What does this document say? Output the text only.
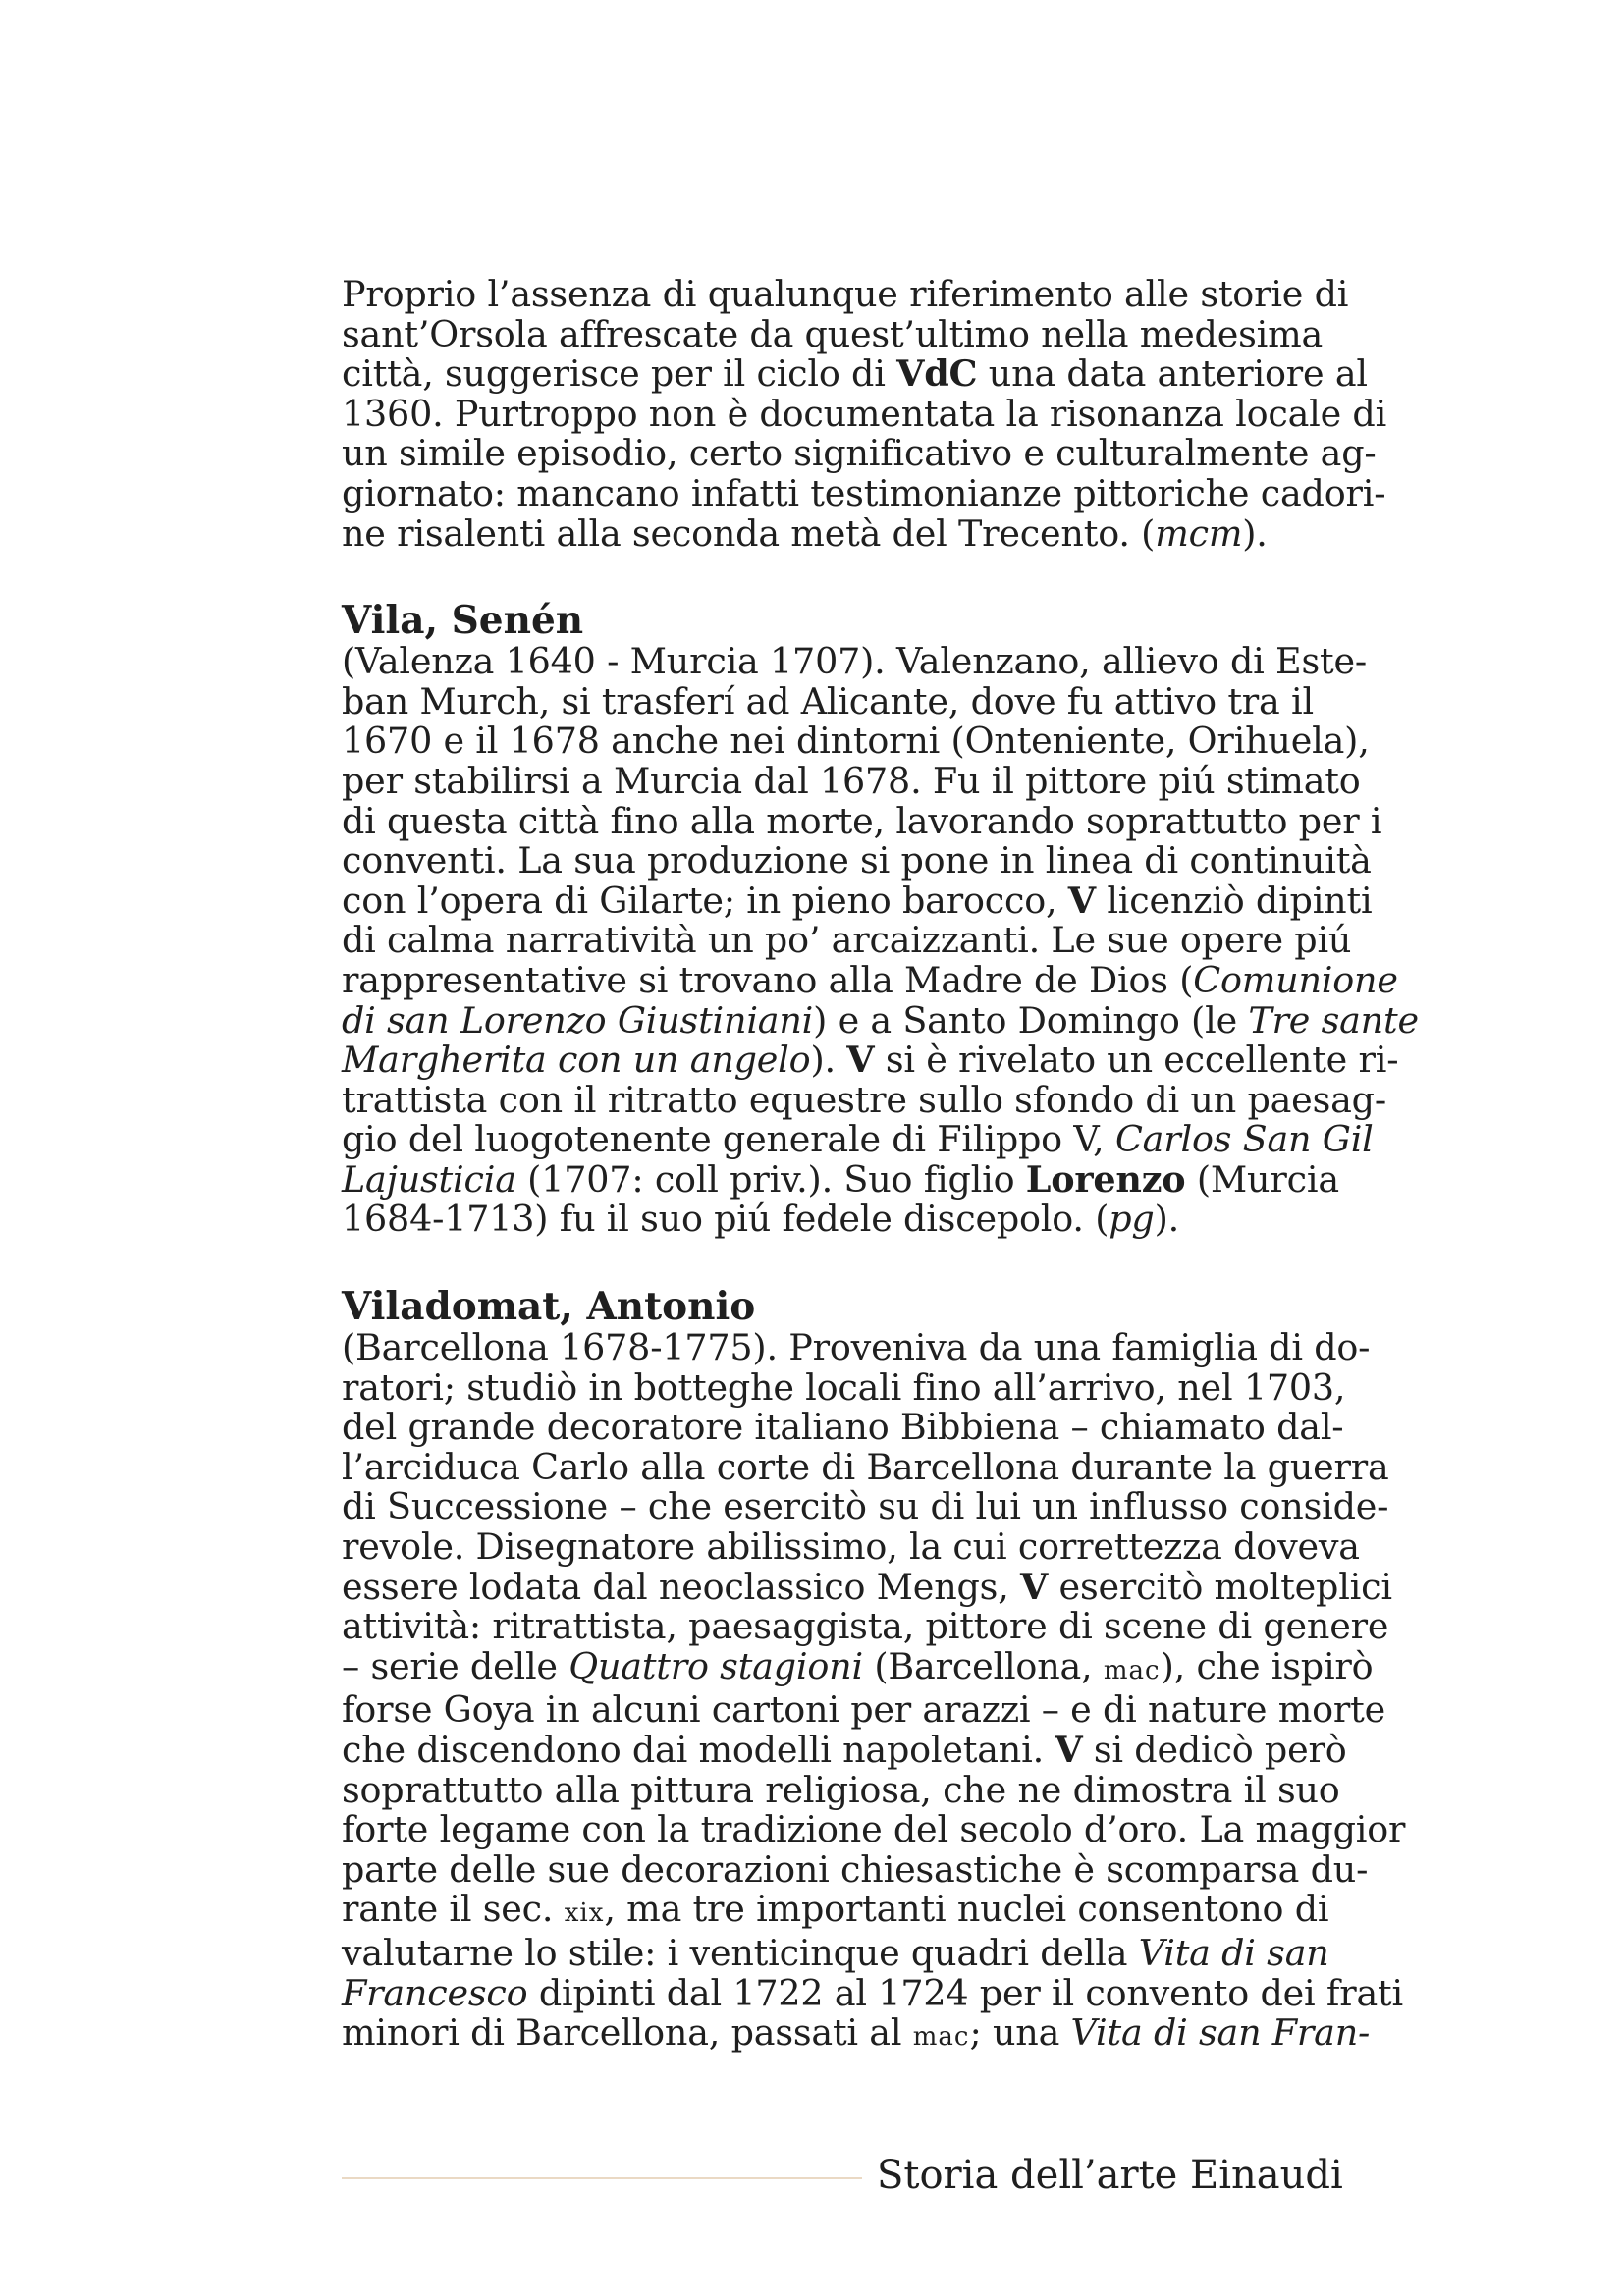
Proprio l’assenza di qualunque riferimento alle storie di
sant’Orsola affrescate da quest’ultimo nella medesima
città, suggerisce per il ciclo di VdC una data anteriore al
1360. Purtroppo non è documentata la risonanza locale di
un simile episodio, certo significativo e culturalmente ag-
giornato: mancano infatti testimonianze pittoriche cadori-
ne risalenti alla seconda metà del Trecento. (mcm).
Vila, Senén
(Valenza 1640 - Murcia 1707). Valenzano, allievo di Este-
ban Murch, si trasferí ad Alicante, dove fu attivo tra il
1670 e il 1678 anche nei dintorni (Onteniente, Orihuela),
per stabilirsi a Murcia dal 1678. Fu il pittore piú stimato
di questa città fino alla morte, lavorando soprattutto per i
conventi. La sua produzione si pone in linea di continuità
con l’opera di Gilarte; in pieno barocco, V licenziò dipinti
di calma narratività un po’ arcaizzanti. Le sue opere piú
rappresentative si trovano alla Madre de Dios (Comunione
di san Lorenzo Giustiniani) e a Santo Domingo (le Tre sante
Margherita con un angelo). V si è rivelato un eccellente ri-
trattista con il ritratto equestre sullo sfondo di un paesag-
gio del luogotenente generale di Filippo V, Carlos San Gil
Lajusticia (1707: coll priv.). Suo figlio Lorenzo (Murcia
1684-1713) fu il suo piú fedele discepolo. (pg).
Viladomat, Antonio
(Barcellona 1678-1775). Proveniva da una famiglia di do-
ratori; studiò in botteghe locali fino all’arrivo, nel 1703,
del grande decoratore italiano Bibbiena – chiamato dal-
l’arciduca Carlo alla corte di Barcellona durante la guerra
di Successione – che esercitò su di lui un influsso conside-
revole. Disegnatore abilissimo, la cui correttezza doveva
essere lodata dal neoclassico Mengs, V esercitò molteplici
attività: ritrattista, paesaggista, pittore di scene di genere
– serie delle Quattro stagioni (Barcellona, mac), che ispirò
forse Goya in alcuni cartoni per arazzi – e di nature morte
che discendono dai modelli napoletani. V si dedicò però
soprattutto alla pittura religiosa, che ne dimostra il suo
forte legame con la tradizione del secolo d’oro. La maggior
parte delle sue decorazioni chiesastiche è scomparsa du-
rante il sec. xix, ma tre importanti nuclei consentono di
valutarne lo stile: i venticinque quadri della Vita di san
Francesco dipinti dal 1722 al 1724 per il convento dei frati
minori di Barcellona, passati al mac; una Vita di san Fran-
Storia dell’arte Einaudi
